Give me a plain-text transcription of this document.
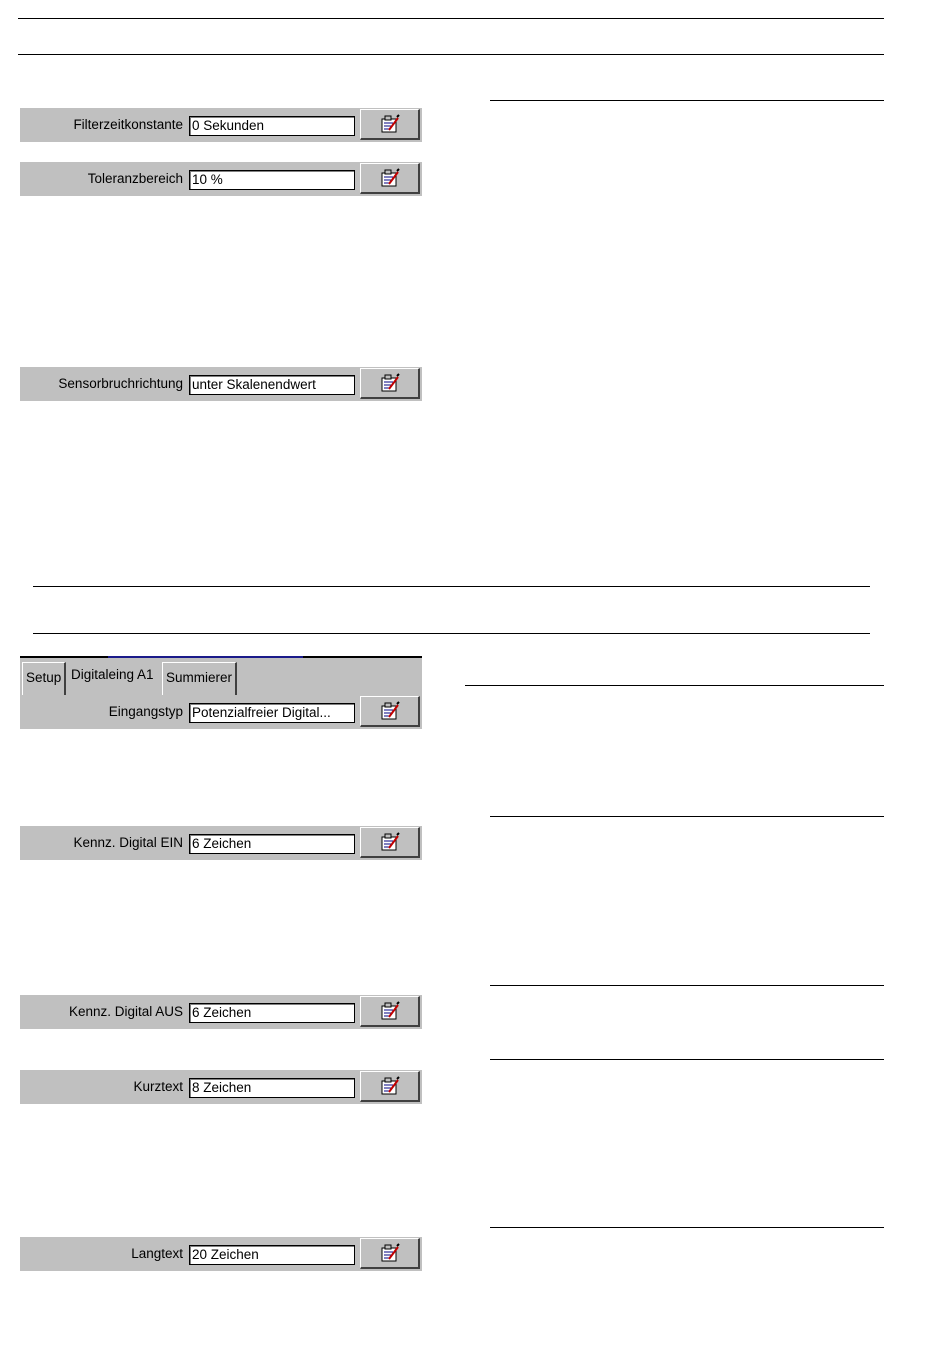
Filterzeitkonstante 0 Sekunden
Toleranzbereich 10 %
Sensorbruchrichtung unter Skalenendwert
Setup Digitaleing A1 Summierer
Eingangstyp Potenzialfreier Digital...
Kennz. Digital EIN 6 Zeichen
Kennz. Digital AUS 6 Zeichen
Kurztext 8 Zeichen
Langtext 20 Zeichen
